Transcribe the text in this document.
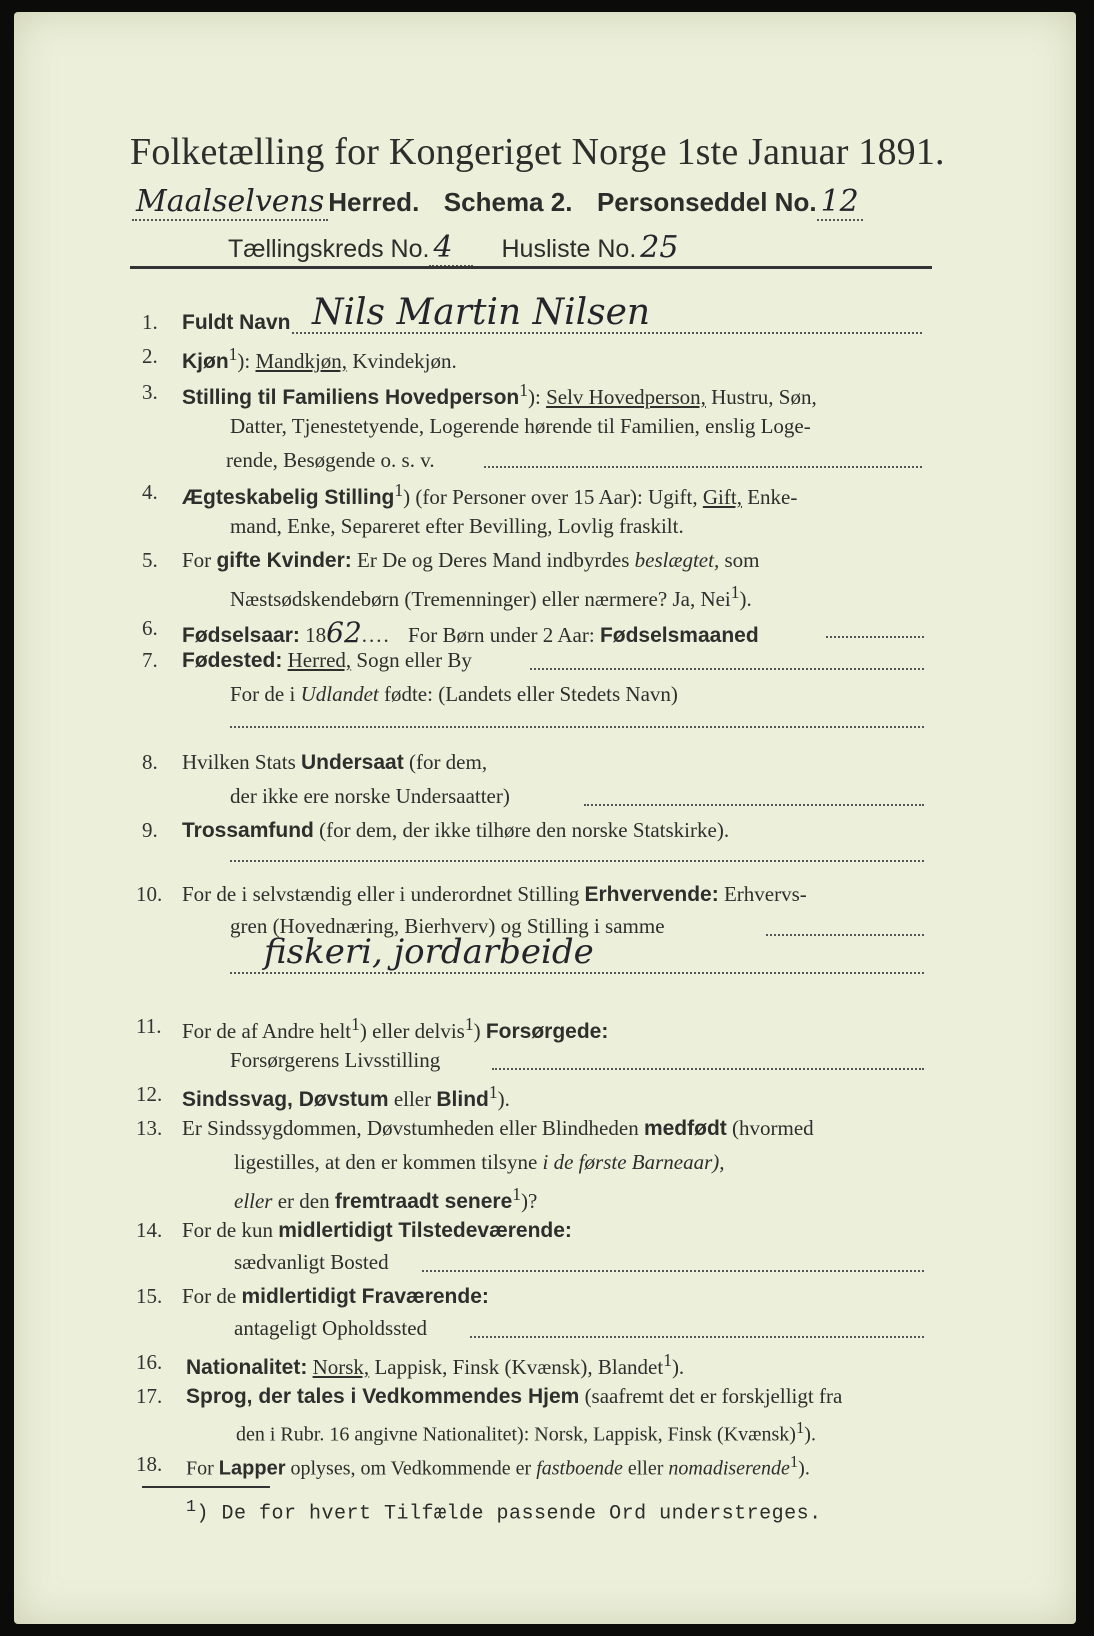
Folketælling for Kongeriget Norge 1ste Januar 1891.
Maalselvens Herred. Schema 2. Personseddel No. 12
Tællingskreds No. 4 Husliste No. 25
1. Fuldt Navn Nils Martin Nilsen
2. Kjøn$^1$): Mandkjøn, Kvindekjøn.
3. Stilling til Familiens Hovedperson$^1$): Selv Hovedperson, Hustru, Søn,
Datter, Tjenestetyende, Logerende hørende til Familien, enslig Loge-
rende, Besøgende o. s. v.
4. Ægteskabelig Stilling$^1$) (for Personer over 15 Aar): Ugift, Gift, Enke-
mand, Enke, Separeret efter Bevilling, Lovlig fraskilt.
5. For gifte Kvinder: Er De og Deres Mand indbyrdes beslægtet, som
Næstsødskendebørn (Tremenninger) eller nærmere? Ja, Nei$^1$).
6. Fødselsaar: 1862.... For Børn under 2 Aar: Fødselsmaaned
7. Fødested: Herred, Sogn eller By
For de i Udlandet fødte: (Landets eller Stedets Navn)
8. Hvilken Stats Undersaat (for dem,
der ikke ere norske Undersaatter)
9. Trossamfund (for dem, der ikke tilhøre den norske Statskirke).
10. For de i selvstændig eller i underordnet Stilling Erhvervende: Erhvervs-
gren (Hovednæring, Bierhverv) og Stilling i samme
fiskeri, jordarbeide
11. For de af Andre helt$^1$) eller delvis$^1$) Forsørgede:
Forsørgerens Livsstilling
12. Sindssvag, Døvstum eller Blind$^1$).
13. Er Sindssygdommen, Døvstumheden eller Blindheden medfødt (hvormed
ligestilles, at den er kommen tilsyne i de første Barneaar),
eller er den fremtraadt senere$^1$)?
14. For de kun midlertidigt Tilstedeværende:
sædvanligt Bosted
15. For de midlertidigt Fraværende:
antageligt Opholdssted
16. Nationalitet: Norsk, Lappisk, Finsk (Kvænsk), Blandet$^1$).
17. Sprog, der tales i Vedkommendes Hjem (saafremt det er forskjelligt fra
den i Rubr. 16 angivne Nationalitet): Norsk, Lappisk, Finsk (Kvænsk)$^1$).
18. For Lapper oplyses, om Vedkommende er fastboende eller nomadiserende$^1$).
$^1$) De for hvert Tilfælde passende Ord understreges.
